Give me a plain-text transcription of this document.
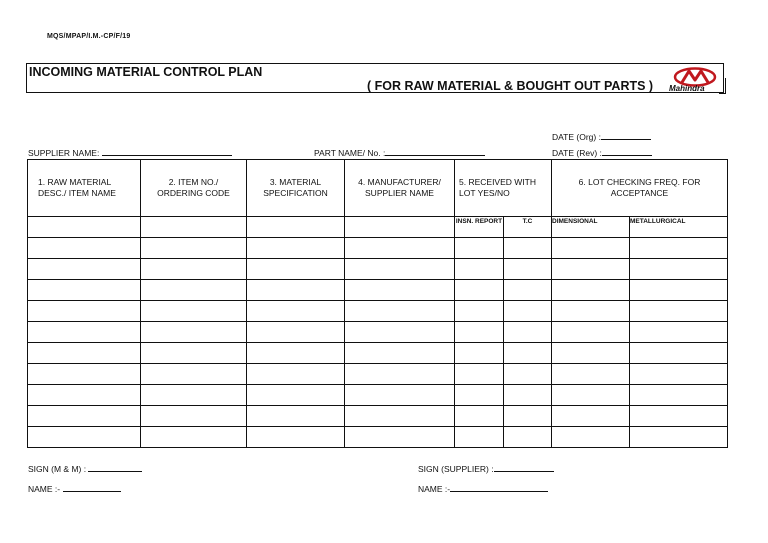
MQS/MPAP/I.M.-CP/F/19
INCOMING MATERIAL CONTROL PLAN
( FOR RAW MATERIAL & BOUGHT OUT PARTS ) Mahindra
DATE (Org) :
DATE (Rev) :
SUPPLIER NAME:	PART NAME/ No. :
1. RAW MATERIAL DESC./ ITEM NAME	2. ITEM NO./ ORDERING CODE	3. MATERIAL SPECIFICATION	4. MANUFACTURER/ SUPPLIER NAME	5. RECEIVED WITH LOT YES/NO		6. LOT CHECKING FREQ. FOR ACCEPTANCE	

				INSN. REPORT	T.C	DIMENSIONAL	METALLURGICAL

SIGN (M & M) :
NAME :-
SIGN (SUPPLIER) :
NAME :-
